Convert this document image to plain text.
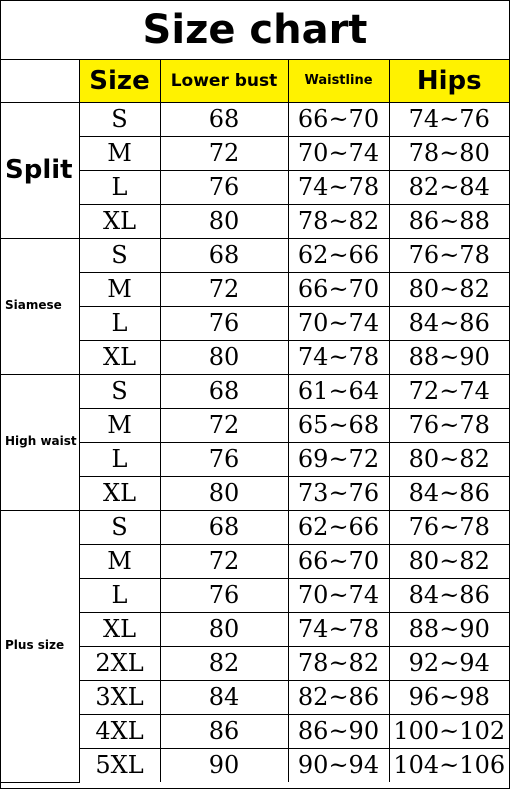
Size chart
	Size	Lower bust	Waistline	Hips
Split	S	68	66~70	74~76
	M	72	70~74	78~80
	L	76	74~78	82~84
	XL	80	78~82	86~88
Siamese	S	68	62~66	76~78
	M	72	66~70	80~82
	L	76	70~74	84~86
	XL	80	74~78	88~90
High waist	S	68	61~64	72~74
	M	72	65~68	76~78
	L	76	69~72	80~82
	XL	80	73~76	84~86
Plus size	S	68	62~66	76~78
	M	72	66~70	80~82
	L	76	70~74	84~86
	XL	80	74~78	88~90
	2XL	82	78~82	92~94
	3XL	84	82~86	96~98
	4XL	86	86~90	100~102
	5XL	90	90~94	104~106
